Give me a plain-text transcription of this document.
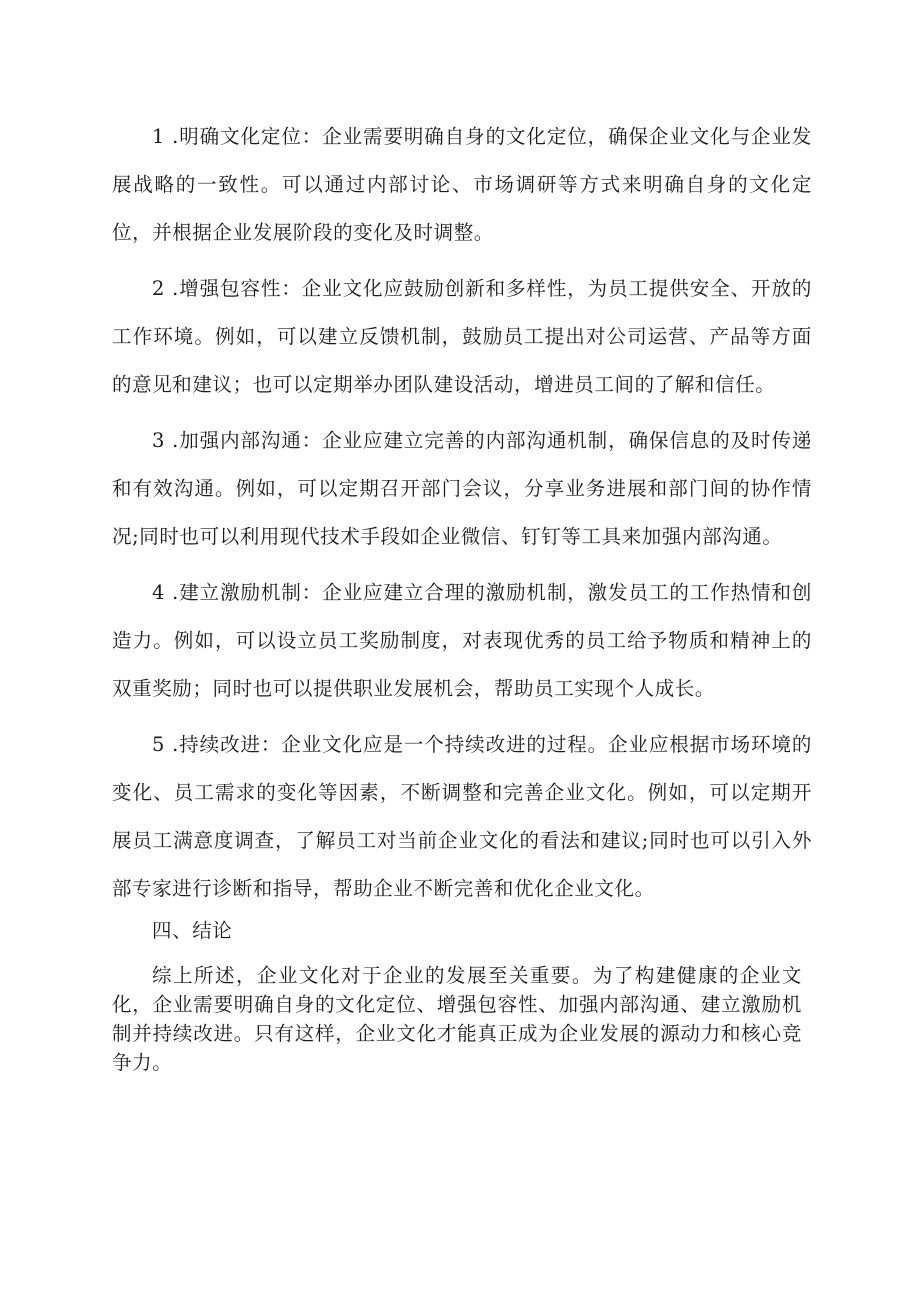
1 .明确文化定位：企业需要明确自身的文化定位，确保企业文化与企业发展战略的一致性。可以通过内部讨论、市场调研等方式来明确自身的文化定位，并根据企业发展阶段的变化及时调整。

2 .增强包容性：企业文化应鼓励创新和多样性，为员工提供安全、开放的工作环境。例如，可以建立反馈机制，鼓励员工提出对公司运营、产品等方面的意见和建议；也可以定期举办团队建设活动，增进员工间的了解和信任。

3 .加强内部沟通：企业应建立完善的内部沟通机制，确保信息的及时传递和有效沟通。例如，可以定期召开部门会议，分享业务进展和部门间的协作情况;同时也可以利用现代技术手段如企业微信、钉钉等工具来加强内部沟通。

4 .建立激励机制：企业应建立合理的激励机制，激发员工的工作热情和创造力。例如，可以设立员工奖励制度，对表现优秀的员工给予物质和精神上的双重奖励；同时也可以提供职业发展机会，帮助员工实现个人成长。

5 .持续改进：企业文化应是一个持续改进的过程。企业应根据市场环境的变化、员工需求的变化等因素，不断调整和完善企业文化。例如，可以定期开展员工满意度调查，了解员工对当前企业文化的看法和建议;同时也可以引入外部专家进行诊断和指导，帮助企业不断完善和优化企业文化。

四、结论

综上所述，企业文化对于企业的发展至关重要。为了构建健康的企业文化，企业需要明确自身的文化定位、增强包容性、加强内部沟通、建立激励机制并持续改进。只有这样，企业文化才能真正成为企业发展的源动力和核心竞争力。
